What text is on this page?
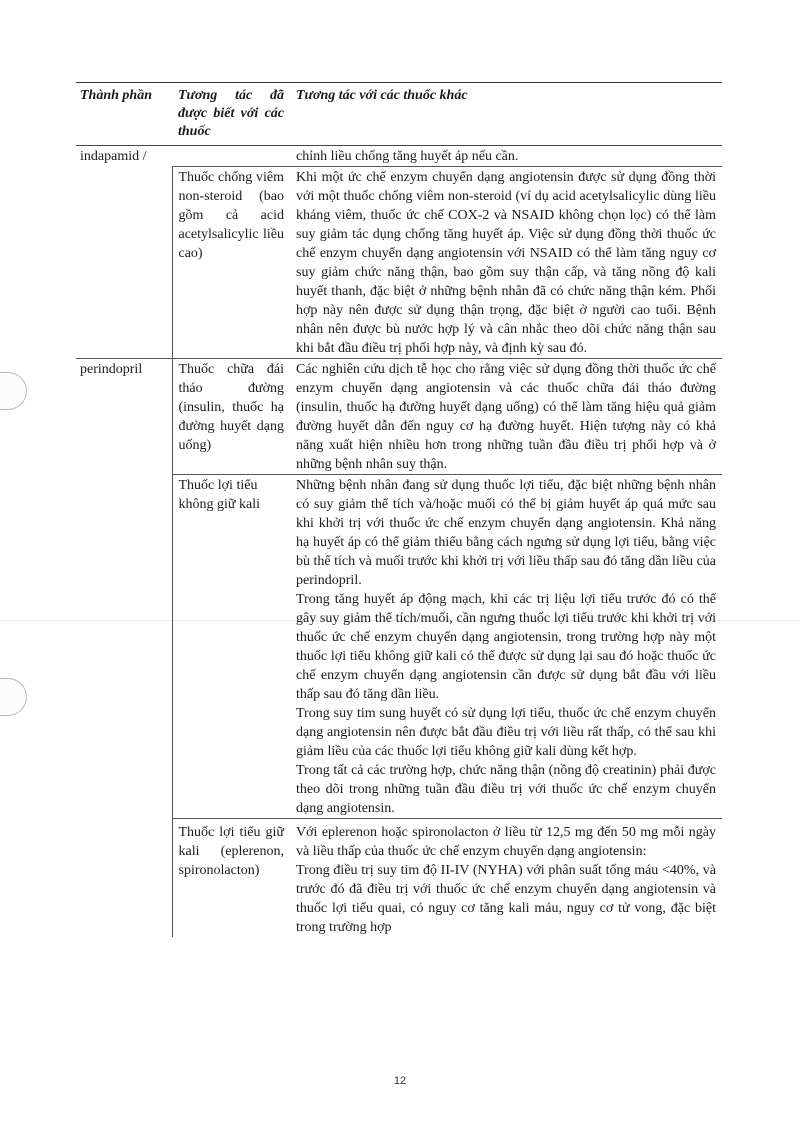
Thành phần	Tương tác đã được biết với các thuốc	Tương tác với các thuốc khác
indapamid /		chỉnh liều chống tăng huyết áp nếu cần.

	Thuốc chống viêm non-steroid (bao gồm cả acid acetylsalicylic liều cao)	Khi một ức chế enzym chuyển dạng angiotensin được sử dụng đồng thời với một thuốc chống viêm non-steroid (ví dụ acid acetylsalicylic dùng liều kháng viêm, thuốc ức chế COX-2 và NSAID không chọn lọc) có thể làm suy giảm tác dụng chống tăng huyết áp. Việc sử dụng đồng thời thuốc ức chế enzym chuyển dạng angiotensin với NSAID có thể làm tăng nguy cơ suy giảm chức năng thận, bao gồm suy thận cấp, và tăng nồng độ kali huyết thanh, đặc biệt ở những bệnh nhân đã có chức năng thận kém. Phối hợp này nên được sử dụng thận trọng, đặc biệt ở người cao tuổi. Bệnh nhân nên được bù nước hợp lý và cân nhắc theo dõi chức năng thận sau khi bắt đầu điều trị phối hợp này, và định kỳ sau đó.

perindopril	Thuốc chữa đái tháo đường (insulin, thuốc hạ đường huyết dạng uống)	Các nghiên cứu dịch tễ học cho rằng việc sử dụng đồng thời thuốc ức chế enzym chuyển dạng angiotensin và các thuốc chữa đái tháo đường (insulin, thuốc hạ đường huyết dạng uống) có thể làm tăng hiệu quả giảm đường huyết dẫn đến nguy cơ hạ đường huyết. Hiện tượng này có khả năng xuất hiện nhiều hơn trong những tuần đầu điều trị phối hợp và ở những bệnh nhân suy thận.

	Thuốc lợi tiểu không giữ kali	Những bệnh nhân đang sử dụng thuốc lợi tiểu, đặc biệt những bệnh nhân có suy giảm thể tích và/hoặc muối có thể bị giảm huyết áp quá mức sau khi khởi trị với thuốc ức chế enzym chuyển dạng angiotensin. Khả năng hạ huyết áp có thể giảm thiểu bằng cách ngưng sử dụng lợi tiểu, bằng việc bù thể tích và muối trước khi khởi trị với liều thấp sau đó tăng dần liều của perindopril.

Trong tăng huyết áp động mạch, khi các trị liệu lợi tiểu trước đó có thể gây suy giảm thể tích/muối, cần ngưng thuốc lợi tiểu trước khi khởi trị với thuốc ức chế enzym chuyển dạng angiotensin, trong trường hợp này một thuốc lợi tiểu không giữ kali có thể được sử dụng lại sau đó hoặc thuốc ức chế enzym chuyển dạng angiotensin cần được sử dụng bắt đầu với liều thấp sau đó tăng dần liều.

Trong suy tim sung huyết có sử dụng lợi tiểu, thuốc ức chế enzym chuyển dạng angiotensin nên được bắt đầu điều trị với liều rất thấp, có thể sau khi giảm liều của các thuốc lợi tiểu không giữ kali dùng kết hợp.

Trong tất cả các trường hợp, chức năng thận (nồng độ creatinin) phải được theo dõi trong những tuần đầu điều trị với thuốc ức chế enzym chuyển dạng angiotensin.

	Thuốc lợi tiểu giữ kali (eplerenon, spironolacton)	Với eplerenon hoặc spironolacton ở liều từ 12,5 mg đến 50 mg mỗi ngày và liều thấp của thuốc ức chế enzym chuyển dạng angiotensin:

Trong điều trị suy tim độ II-IV (NYHA) với phân suất tống máu <40%, và trước đó đã điều trị với thuốc ức chế enzym chuyển dạng angiotensin và thuốc lợi tiểu quai, có nguy cơ tăng kali máu, nguy cơ tử vong, đặc biệt trong trường hợp

12
